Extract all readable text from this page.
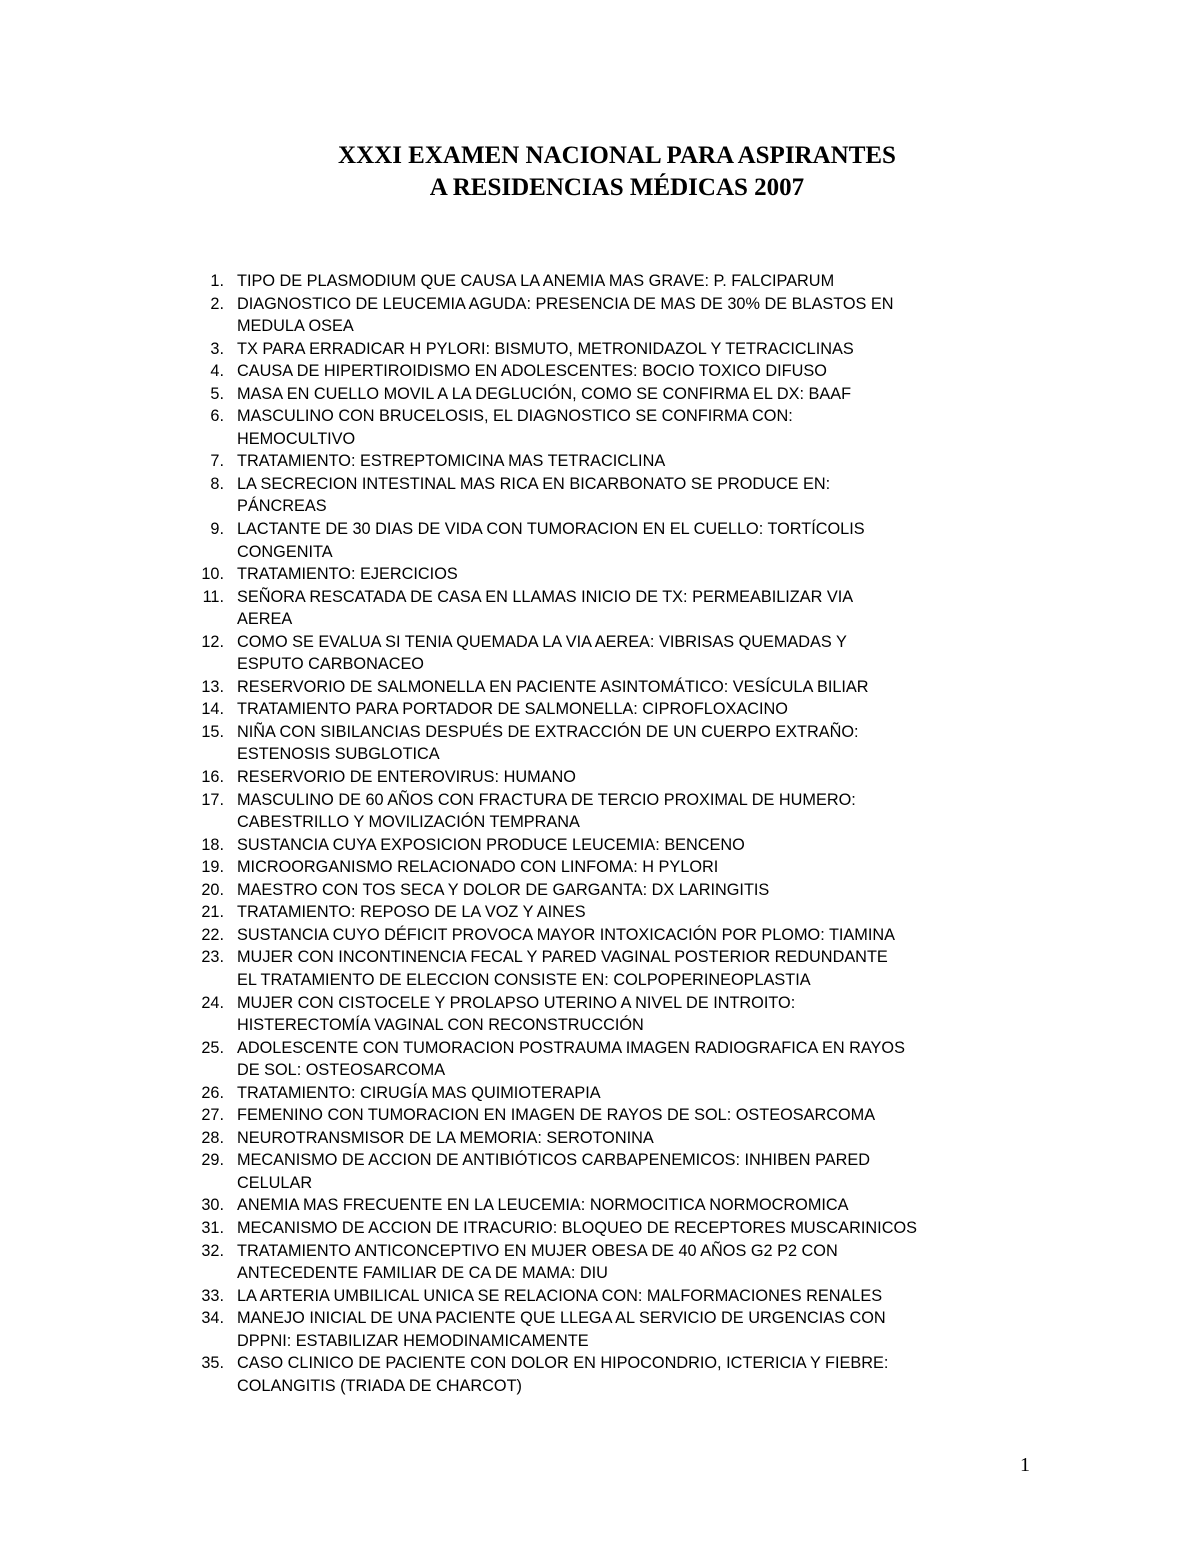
XXXI EXAMEN NACIONAL PARA ASPIRANTES
A RESIDENCIAS MÉDICAS 2007
1. TIPO DE PLASMODIUM QUE CAUSA LA ANEMIA MAS GRAVE: P. FALCIPARUM
2. DIAGNOSTICO DE LEUCEMIA AGUDA: PRESENCIA DE MAS DE 30% DE BLASTOS EN
MEDULA OSEA
3. TX PARA ERRADICAR H PYLORI: BISMUTO, METRONIDAZOL Y TETRACICLINAS
4. CAUSA DE HIPERTIROIDISMO EN ADOLESCENTES: BOCIO TOXICO DIFUSO
5. MASA EN CUELLO MOVIL A LA DEGLUCIÓN, COMO SE CONFIRMA EL DX: BAAF
6. MASCULINO CON BRUCELOSIS, EL DIAGNOSTICO SE CONFIRMA CON:
HEMOCULTIVO
7. TRATAMIENTO: ESTREPTOMICINA MAS TETRACICLINA
8. LA SECRECION INTESTINAL MAS RICA EN BICARBONATO SE PRODUCE EN:
PÁNCREAS
9. LACTANTE DE 30 DIAS DE VIDA CON TUMORACION EN EL CUELLO: TORTÍCOLIS
CONGENITA
10. TRATAMIENTO: EJERCICIOS
11. SEÑORA RESCATADA DE CASA EN LLAMAS INICIO DE TX: PERMEABILIZAR VIA
AEREA
12. COMO SE EVALUA SI TENIA QUEMADA LA VIA AEREA: VIBRISAS QUEMADAS Y
ESPUTO CARBONACEO
13. RESERVORIO DE SALMONELLA EN PACIENTE ASINTOMÁTICO: VESÍCULA BILIAR
14. TRATAMIENTO PARA PORTADOR DE SALMONELLA: CIPROFLOXACINO
15. NIÑA CON SIBILANCIAS DESPUÉS DE EXTRACCIÓN DE UN CUERPO EXTRAÑO:
ESTENOSIS SUBGLOTICA
16. RESERVORIO DE ENTEROVIRUS: HUMANO
17. MASCULINO DE 60 AÑOS CON FRACTURA DE TERCIO PROXIMAL DE HUMERO:
CABESTRILLO Y MOVILIZACIÓN TEMPRANA
18. SUSTANCIA CUYA EXPOSICION PRODUCE LEUCEMIA: BENCENO
19. MICROORGANISMO RELACIONADO CON LINFOMA: H PYLORI
20. MAESTRO CON TOS SECA Y DOLOR DE GARGANTA: DX LARINGITIS
21. TRATAMIENTO: REPOSO DE LA VOZ Y AINES
22. SUSTANCIA CUYO DÉFICIT PROVOCA MAYOR INTOXICACIÓN POR PLOMO: TIAMINA
23. MUJER CON INCONTINENCIA FECAL Y PARED VAGINAL POSTERIOR REDUNDANTE
EL TRATAMIENTO DE ELECCION CONSISTE EN: COLPOPERINEOPLASTIA
24. MUJER CON CISTOCELE Y PROLAPSO UTERINO A NIVEL DE INTROITO:
HISTERECTOMÍA VAGINAL CON RECONSTRUCCIÓN
25. ADOLESCENTE CON TUMORACION POSTRAUMA IMAGEN RADIOGRAFICA EN RAYOS
DE SOL: OSTEOSARCOMA
26. TRATAMIENTO: CIRUGÍA MAS QUIMIOTERAPIA
27. FEMENINO CON TUMORACION EN IMAGEN DE RAYOS DE SOL: OSTEOSARCOMA
28. NEUROTRANSMISOR DE LA MEMORIA: SEROTONINA
29. MECANISMO DE ACCION DE ANTIBIÓTICOS CARBAPENEMICOS: INHIBEN PARED
CELULAR
30. ANEMIA MAS FRECUENTE EN LA LEUCEMIA: NORMOCITICA NORMOCROMICA
31. MECANISMO DE ACCION DE ITRACURIO: BLOQUEO DE RECEPTORES MUSCARINICOS
32. TRATAMIENTO ANTICONCEPTIVO EN MUJER OBESA DE 40 AÑOS G2 P2 CON
ANTECEDENTE FAMILIAR DE CA DE MAMA: DIU
33. LA ARTERIA UMBILICAL UNICA SE RELACIONA CON: MALFORMACIONES RENALES
34. MANEJO INICIAL DE UNA PACIENTE QUE LLEGA AL SERVICIO DE URGENCIAS CON
DPPNI: ESTABILIZAR HEMODINAMICAMENTE
35. CASO CLINICO DE PACIENTE CON DOLOR EN HIPOCONDRIO, ICTERICIA Y FIEBRE:
COLANGITIS (TRIADA DE CHARCOT)
1
